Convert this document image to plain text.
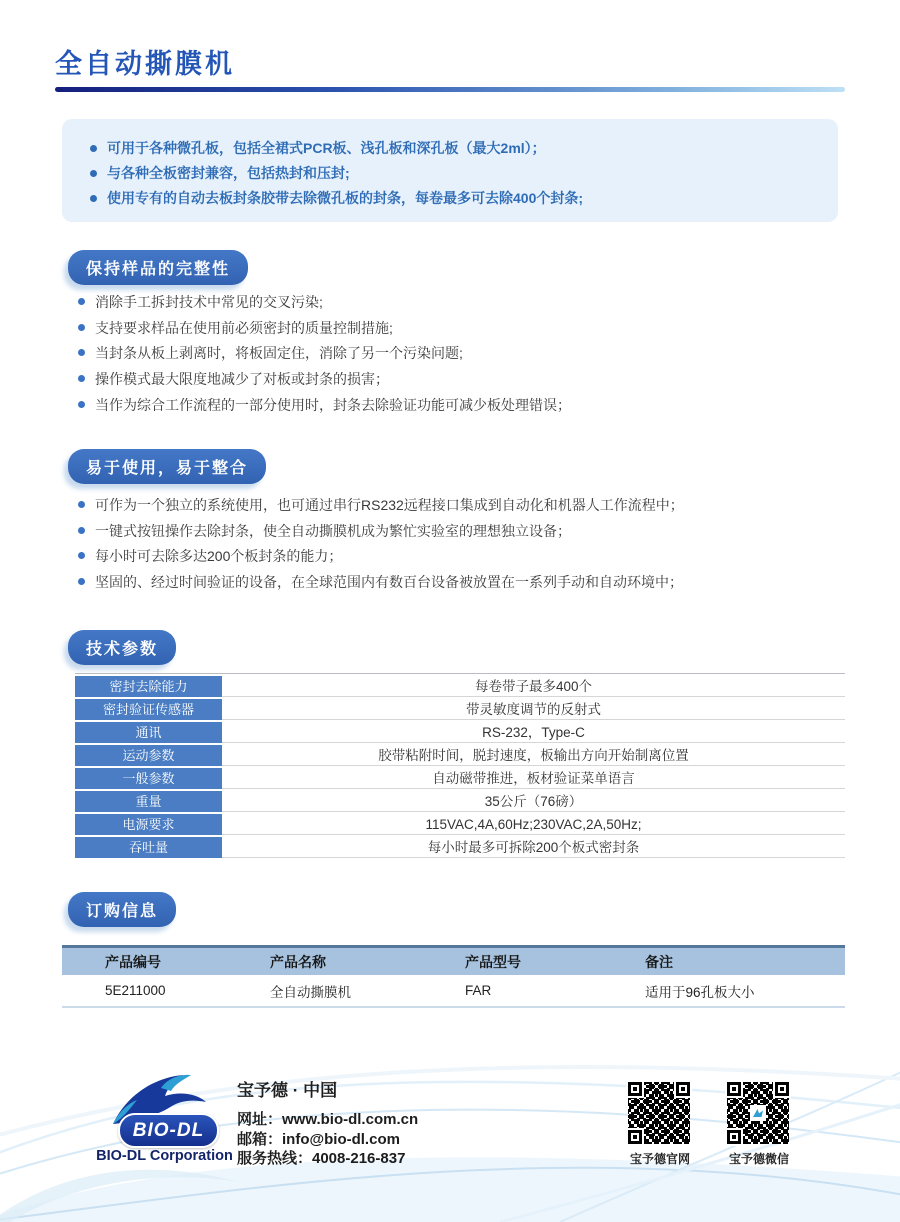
全自动撕膜机
可用于各种微孔板，包括全裙式PCR板、浅孔板和深孔板（最大2ml）；
与各种全板密封兼容，包括热封和压封;
使用专有的自动去板封条胶带去除微孔板的封条，每卷最多可去除400个封条;
保持样品的完整性
消除手工拆封技术中常见的交叉污染;
支持要求样品在使用前必须密封的质量控制措施;
当封条从板上剥离时，将板固定住，消除了另一个污染问题;
操作模式最大限度地减少了对板或封条的损害；
当作为综合工作流程的一部分使用时，封条去除验证功能可减少板处理错误；
易于使用，易于整合
可作为一个独立的系统使用，也可通过串行RS232远程接口集成到自动化和机器人工作流程中；
一键式按钮操作去除封条，使全自动撕膜机成为繁忙实验室的理想独立设备；
每小时可去除多达200个板封条的能力；
坚固的、经过时间验证的设备，在全球范围内有数百台设备被放置在一系列手动和自动环境中；
技术参数
密封去除能力	每卷带子最多400个
密封验证传感器	带灵敏度调节的反射式
通讯	RS-232，Type-C
运动参数	胶带粘附时间，脱封速度，板输出方向开始制离位置
一般参数	自动磁带推进，板材验证菜单语言
重量	35公斤（76磅）
电源要求	115VAC,4A,60Hz;230VAC,2A,50Hz;
吞吐量	每小时最多可拆除200个板式密封条
订购信息
产品编号	产品名称	产品型号	备注
5E211000	全自动撕膜机	FAR	适用于96孔板大小
BIO-DL
BIO-DL Corporation
宝予德 · 中国
网址：www.bio-dl.com.cn
邮箱：info@bio-dl.com
服务热线：4008-216-837	宝予德官网	宝予德微信
